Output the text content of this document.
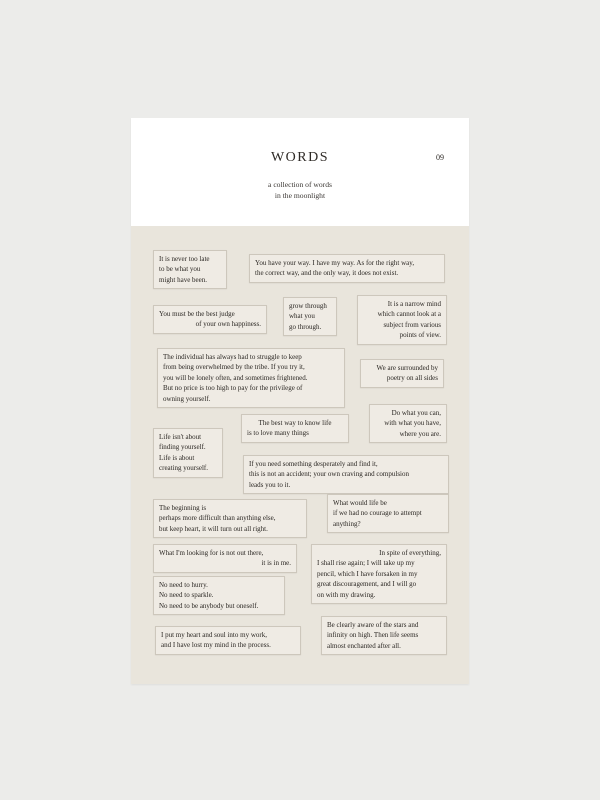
WORDS	09
a collection of words
in the moonlight
It is never too late
to be what you
might have been.
You have your way. I have my way. As for the right way,
the correct way, and the only way, it does not exist.
You must be the best judge
of your own happiness.
grow through
what you
go through.
It is a narrow mind
which cannot look at a
subject from various
points of view.
The individual has always had to struggle to keep
from being overwhelmed by the tribe. If you try it,
you will be lonely often, and sometimes frightened.
But no price is too high to pay for the privilege of
owning yourself.
We are surrounded by
poetry on all sides
The best way to know life
is to love many things
Do what you can,
with what you have,
where you are.
Life isn't about
finding yourself.
Life is about
creating yourself.
If you need something desperately and find it,
this is not an accident; your own craving and compulsion
leads you to it.
The beginning is
perhaps more difficult than anything else,
but keep heart, it will turn out all right.
What would life be
if we had no courage to attempt
anything?
What I'm looking for is not out there,
it is in me.
In spite of everything,
I shall rise again; I will take up my
pencil, which I have forsaken in my
great discouragement, and I will go
on with my drawing.
No need to hurry.
No need to sparkle.
No need to be anybody but oneself.
I put my heart and soul into my work,
and I have lost my mind in the process.
Be clearly aware of the stars and
infinity on high. Then life seems
almost enchanted after all.
